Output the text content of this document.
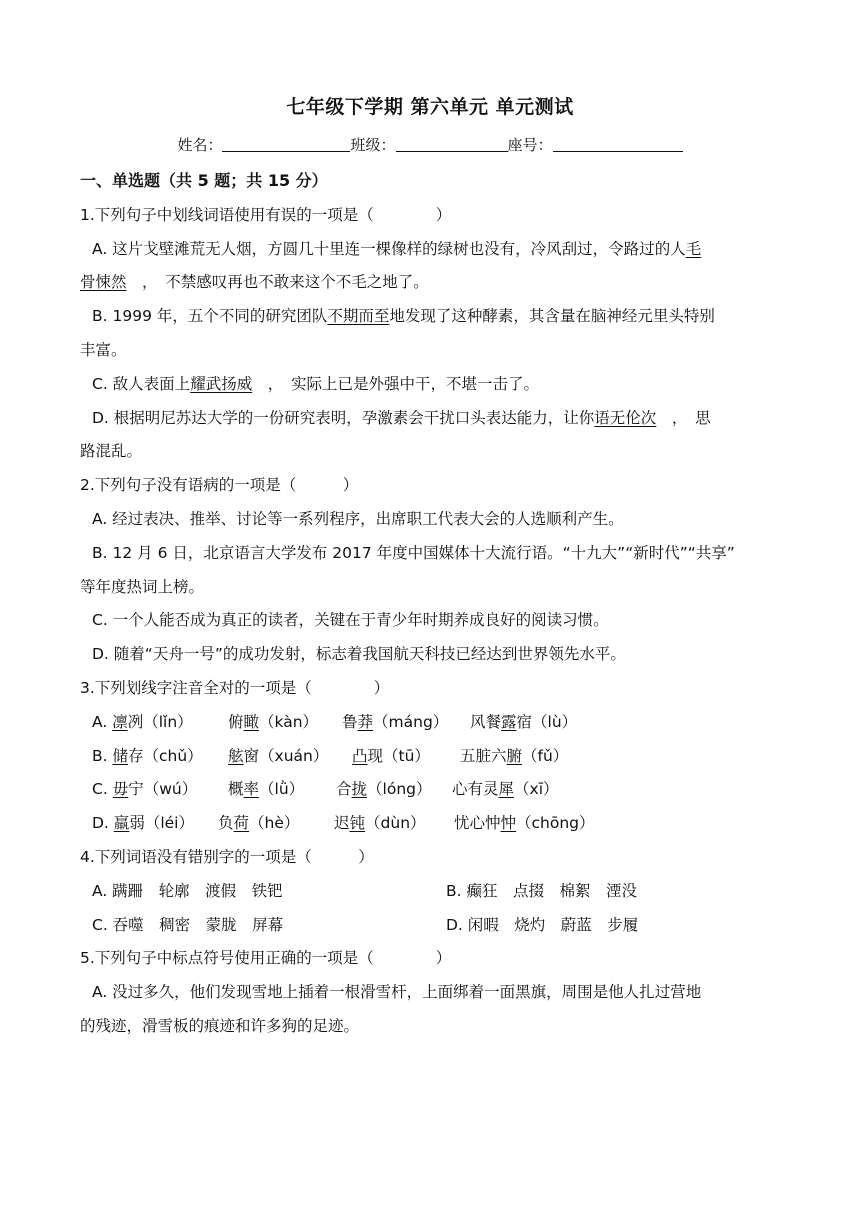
七年级下学期 第六单元 单元测试
姓名：	班级：	座号：
一、单选题（共 5 题；共 15 分）
1.下列句子中划线词语使用有误的一项是（　　　　）
A. 这片戈壁滩荒无人烟，方圆几十里连一棵像样的绿树也没有，冷风刮过，令路过的人毛
骨悚然　，　不禁感叹再也不敢来这个不毛之地了。
B. 1999 年，五个不同的研究团队不期而至地发现了这种酵素，其含量在脑神经元里头特别
丰富。
C. 敌人表面上耀武扬威　，　实际上已是外强中干，不堪一击了。
D. 根据明尼苏达大学的一份研究表明，孕激素会干扰口头表达能力，让你语无伦次　，　思
路混乱。
2.下列句子没有语病的一项是（　　　）
A. 经过表决、推举、讨论等一系列程序，出席职工代表大会的人选顺利产生。
B. 12 月 6 日，北京语言大学发布 2017 年度中国媒体十大流行语。“十九大”“新时代”“共享”
等年度热词上榜。
C. 一个人能否成为真正的读者，关键在于青少年时期养成良好的阅读习惯。
D. 随着“天舟一号”的成功发射，标志着我国航天科技已经达到世界领先水平。
3.下列划线字注音全对的一项是（　　　　）
A. 凛冽（lǐn） 俯瞰（kàn） 鲁莽（máng） 风餐露宿（lù）
B. 储存（chǔ） 舷窗（xuán） 凸现（tū） 五脏六腑（fǔ）
C. 毋宁（wú） 概率（lǜ） 合拢（lóng） 心有灵犀（xī）
D. 羸弱（léi） 负荷（hè） 迟钝（dùn） 忧心忡忡（chōng）
4.下列词语没有错别字的一项是（　　　）
A. 蹒跚　轮廓　渡假　铁钯	B. 癫狂　点掇　棉絮　湮没
C. 吞噬　稠密　蒙胧　屏幕	D. 闲暇　烧灼　蔚蓝　步履
5.下列句子中标点符号使用正确的一项是（　　　　）
A. 没过多久，他们发现雪地上插着一根滑雪杆，上面绑着一面黑旗，周围是他人扎过营地
的残迹，滑雪板的痕迹和许多狗的足迹。
